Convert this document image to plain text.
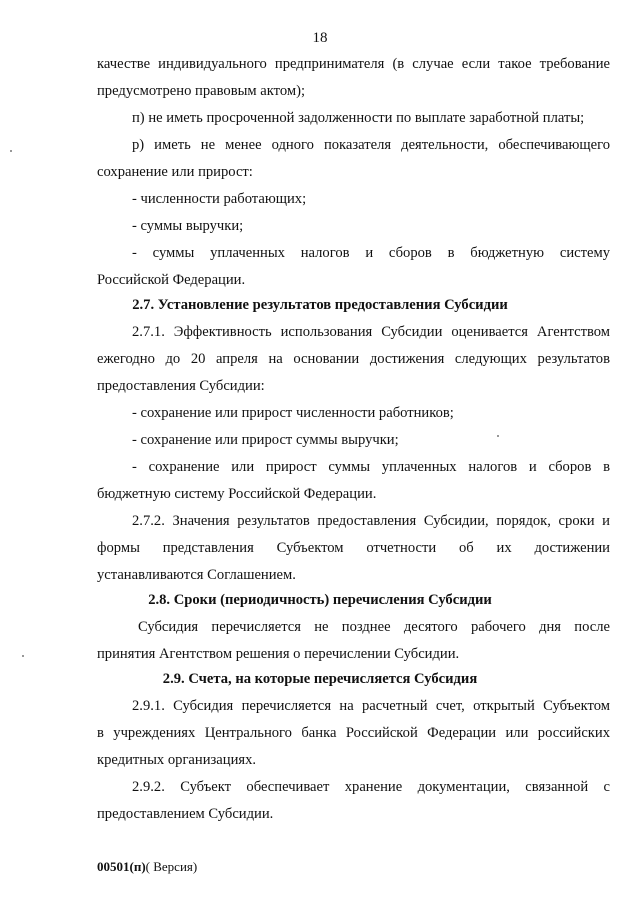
18
качестве индивидуального предпринимателя (в случае если такое требование
предусмотрено правовым актом);
п) не иметь просроченной задолженности по выплате заработной платы;
р) иметь не менее одного показателя деятельности, обеспечивающего
сохранение или прирост:
- численности работающих;
- суммы выручки;
- суммы уплаченных налогов и сборов в бюджетную систему
Российской Федерации.
2.7. Установление результатов предоставления Субсидии
2.7.1. Эффективность использования Субсидии оценивается Агентством
ежегодно до 20 апреля на основании достижения следующих результатов
предоставления Субсидии:
- сохранение или прирост численности работников;
- сохранение или прирост суммы выручки;
- сохранение или прирост суммы уплаченных налогов и сборов в
бюджетную систему Российской Федерации.
2.7.2. Значения результатов предоставления Субсидии, порядок, сроки и
формы представления Субъектом отчетности об их достижении
устанавливаются Соглашением.
2.8. Сроки (периодичность) перечисления Субсидии
Субсидия перечисляется не позднее десятого рабочего дня после
принятия Агентством решения о перечислении Субсидии.
2.9. Счета, на которые перечисляется Субсидия
2.9.1. Субсидия перечисляется на расчетный счет, открытый Субъектом
в учреждениях Центрального банка Российской Федерации или российских
кредитных организациях.
2.9.2. Субъект обеспечивает хранение документации, связанной с
предоставлением Субсидии.
00501(п)( Версия)
